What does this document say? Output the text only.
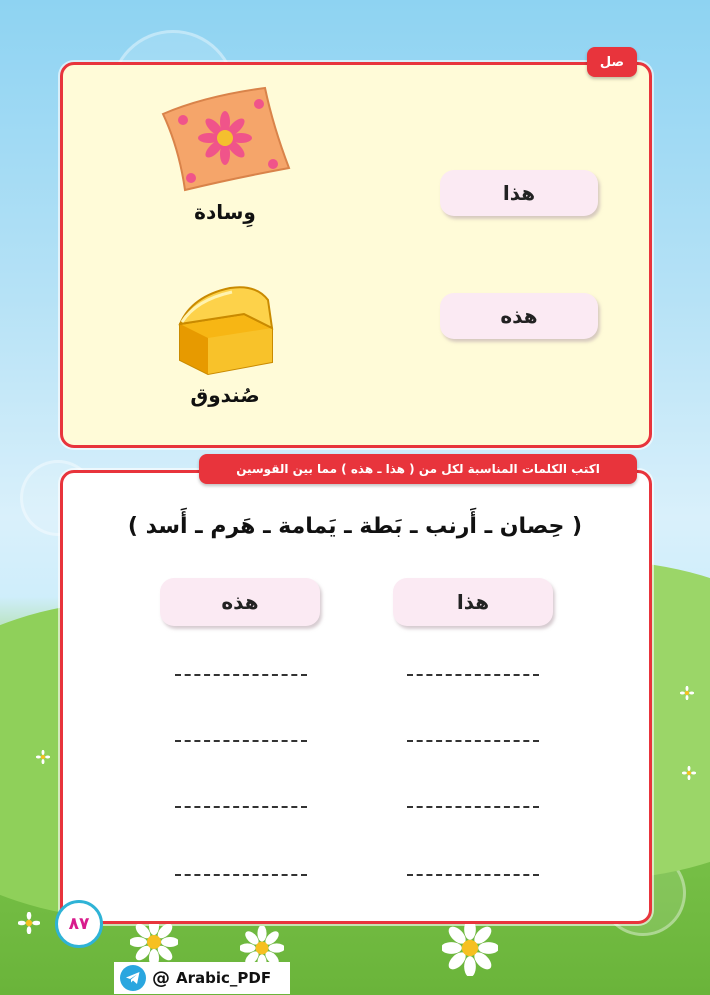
صل
وِسادة
صُندوق
هذا
هذه
اكتب الكلمات المناسبة لكل من ( هذا ـ هذه ) مما بين القوسين
( حِصان ـ أَرنب ـ بَطة ـ يَمامة ـ هَرم ـ أَسد )
هذا
هذه
٨٧
@ Arabic_PDF
